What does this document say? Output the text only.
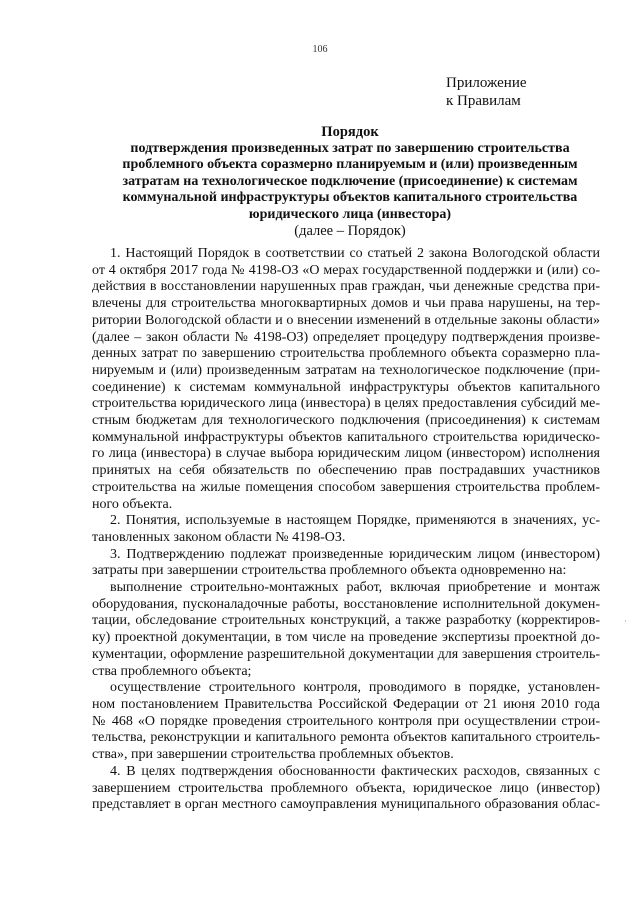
106
Приложение
к Правилам
Порядок
подтверждения произведенных затрат по завершению строительства
проблемного объекта соразмерно планируемым и (или) произведенным
затратам на технологическое подключение (присоединение) к системам
коммунальной инфраструктуры объектов капитального строительства
юридического лица (инвестора)
(далее – Порядок)
1. Настоящий Порядок в соответствии со статьей 2 закона Вологодской области
от 4 октября 2017 года № 4198-ОЗ «О мерах государственной поддержки и (или) со-
действия в восстановлении нарушенных прав граждан, чьи денежные средства при-
влечены для строительства многоквартирных домов и чьи права нарушены, на тер-
ритории Вологодской области и о внесении изменений в отдельные законы области»
(далее – закон области № 4198-ОЗ) определяет процедуру подтверждения произве-
денных затрат по завершению строительства проблемного объекта соразмерно пла-
нируемым и (или) произведенным затратам на технологическое подключение (при-
соединение) к системам коммунальной инфраструктуры объектов капитального
строительства юридического лица (инвестора) в целях предоставления субсидий ме-
стным бюджетам для технологического подключения (присоединения) к системам
коммунальной инфраструктуры объектов капитального строительства юридическо-
го лица (инвестора) в случае выбора юридическим лицом (инвестором) исполнения
принятых на себя обязательств по обеспечению прав пострадавших участников
строительства на жилые помещения способом завершения строительства проблем-
ного объекта.
2. Понятия, используемые в настоящем Порядке, применяются в значениях, ус-
тановленных законом области № 4198-ОЗ.
3. Подтверждению подлежат произведенные юридическим лицом (инвестором)
затраты при завершении строительства проблемного объекта одновременно на:
выполнение строительно-монтажных работ, включая приобретение и монтаж
оборудования, пусконаладочные работы, восстановление исполнительной докумен-
тации, обследование строительных конструкций, а также разработку (корректиров-
ку) проектной документации, в том числе на проведение экспертизы проектной до-
кументации, оформление разрешительной документации для завершения строитель-
ства проблемного объекта;
осуществление строительного контроля, проводимого в порядке, установлен-
ном постановлением Правительства Российской Федерации от 21 июня 2010 года
№ 468 «О порядке проведения строительного контроля при осуществлении строи-
тельства, реконструкции и капитального ремонта объектов капитального строитель-
ства», при завершении строительства проблемных объектов.
4. В целях подтверждения обоснованности фактических расходов, связанных с
завершением строительства проблемного объекта, юридическое лицо (инвестор)
представляет в орган местного самоуправления муниципального образования облас-
·
